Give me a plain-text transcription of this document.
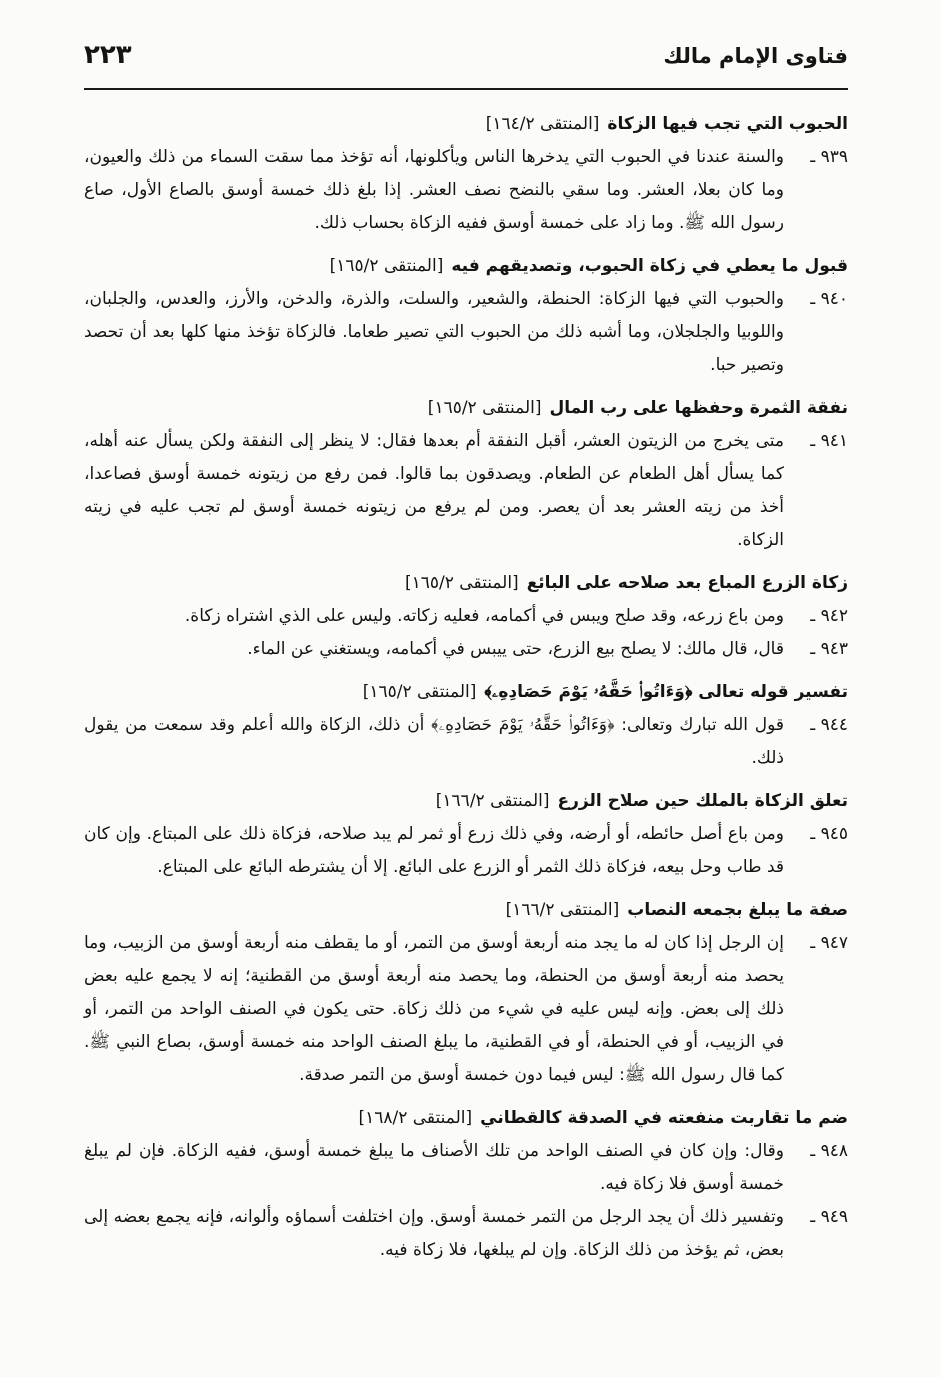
فتاوى الإمام مالك
٢٢٣
الحبوب التي تجب فيها الزكاة[المنتقى ١٦٤/٢]
٩٣٩ ـ
والسنة عندنا في الحبوب التي يدخرها الناس ويأكلونها، أنه تؤخذ مما سقت السماء من ذلك والعيون، وما كان بعلا، العشر. وما سقي بالنضح نصف العشر. إذا بلغ ذلك خمسة أوسق بالصاع الأول، صاع رسول الله ﷺ. وما زاد على خمسة أوسق ففيه الزكاة بحساب ذلك.
قبول ما يعطي في زكاة الحبوب، وتصديقهم فيه[المنتقى ١٦٥/٢]
٩٤٠ ـ
والحبوب التي فيها الزكاة: الحنطة، والشعير، والسلت، والذرة، والدخن، والأرز، والعدس، والجلبان، واللوبيا والجلجلان، وما أشبه ذلك من الحبوب التي تصير طعاما. فالزكاة تؤخذ منها كلها بعد أن تحصد وتصير حبا.
نفقة الثمرة وحفظها على رب المال[المنتقى ١٦٥/٢]
٩٤١ ـ
متى يخرج من الزيتون العشر، أقبل النفقة أم بعدها فقال: لا ينظر إلى النفقة ولكن يسأل عنه أهله، كما يسأل أهل الطعام عن الطعام. ويصدقون بما قالوا. فمن رفع من زيتونه خمسة أوسق فصاعدا، أخذ من زيته العشر بعد أن يعصر. ومن لم يرفع من زيتونه خمسة أوسق لم تجب عليه في زيته الزكاة.
زكاة الزرع المباع بعد صلاحه على البائع[المنتقى ١٦٥/٢]
٩٤٢ ـ
ومن باع زرعه، وقد صلح ويبس في أكمامه، فعليه زكاته. وليس على الذي اشتراه زكاة.
٩٤٣ ـ
قال، قال مالك: لا يصلح بيع الزرع، حتى ييبس في أكمامه، ويستغني عن الماء.
تفسير قوله تعالى ﴿وَءَاتُوا۟ حَقَّهُۥ يَوْمَ حَصَادِهِۦ﴾[المنتقى ١٦٥/٢]
٩٤٤ ـ
قول الله تبارك وتعالى: ﴿وَءَاتُوا۟ حَقَّهُۥ يَوْمَ حَصَادِهِۦ﴾ أن ذلك، الزكاة والله أعلم وقد سمعت من يقول ذلك.
تعلق الزكاة بالملك حين صلاح الزرع[المنتقى ١٦٦/٢]
٩٤٥ ـ
ومن باع أصل حائطه، أو أرضه، وفي ذلك زرع أو ثمر لم يبد صلاحه، فزكاة ذلك على المبتاع. وإن كان قد طاب وحل بيعه، فزكاة ذلك الثمر أو الزرع على البائع. إلا أن يشترطه البائع على المبتاع.
صفة ما يبلغ بجمعه النصاب[المنتقى ١٦٦/٢]
٩٤٧ ـ
إن الرجل إذا كان له ما يجد منه أربعة أوسق من التمر، أو ما يقطف منه أربعة أوسق من الزبيب، وما يحصد منه أربعة أوسق من الحنطة، وما يحصد منه أربعة أوسق من القطنية؛ إنه لا يجمع عليه بعض ذلك إلى بعض. وإنه ليس عليه في شيء من ذلك زكاة. حتى يكون في الصنف الواحد من التمر، أو في الزبيب، أو في الحنطة، أو في القطنية، ما يبلغ الصنف الواحد منه خمسة أوسق، بصاع النبي ﷺ. كما قال رسول الله ﷺ: ليس فيما دون خمسة أوسق من التمر صدقة.
ضم ما تقاربت منفعته في الصدقة كالقطاني[المنتقى ١٦٨/٢]
٩٤٨ ـ
وقال: وإن كان في الصنف الواحد من تلك الأصناف ما يبلغ خمسة أوسق، ففيه الزكاة. فإن لم يبلغ خمسة أوسق فلا زكاة فيه.
٩٤٩ ـ
وتفسير ذلك أن يجد الرجل من التمر خمسة أوسق. وإن اختلفت أسماؤه وألوانه، فإنه يجمع بعضه إلى بعض، ثم يؤخذ من ذلك الزكاة. وإن لم يبلغها، فلا زكاة فيه.
